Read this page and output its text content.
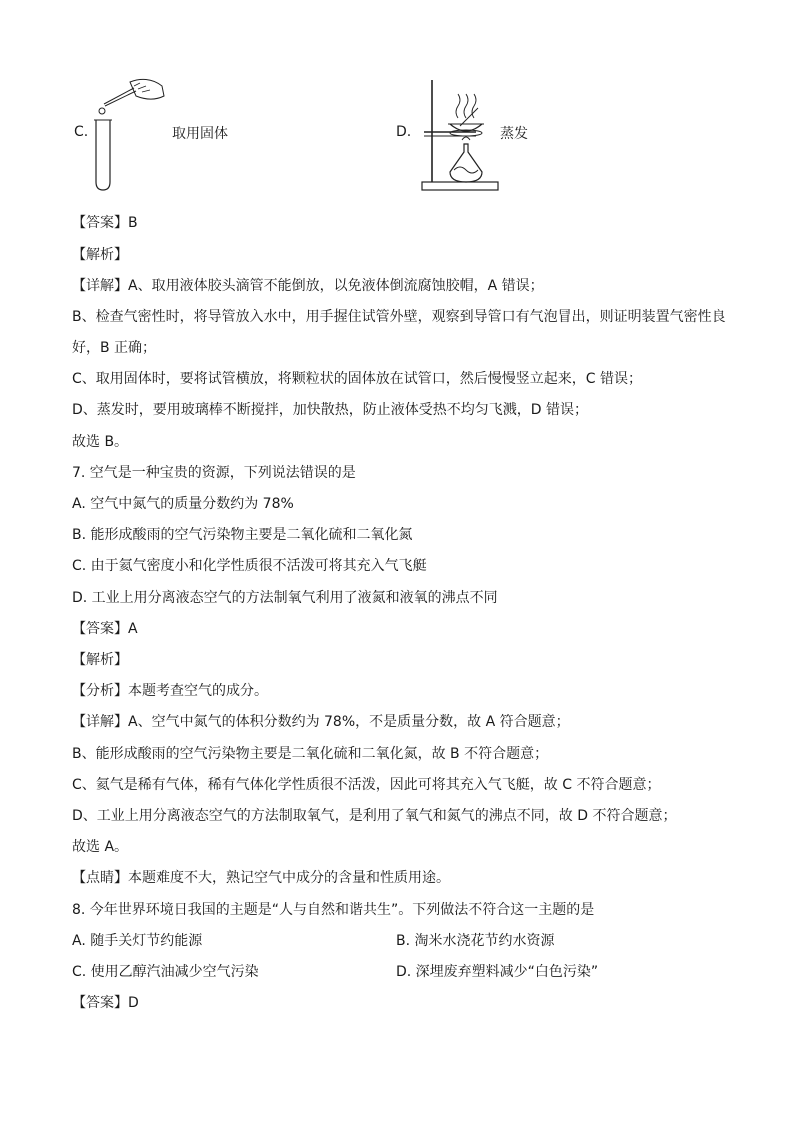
C.	取用固体	D.	蒸发
【答案】B
【解析】
【详解】A、取用液体胶头滴管不能倒放，以免液体倒流腐蚀胶帽，A 错误；
B、检查气密性时，将导管放入水中，用手握住试管外壁，观察到导管口有气泡冒出，则证明装置气密性良
好，B 正确；
C、取用固体时，要将试管横放，将颗粒状的固体放在试管口，然后慢慢竖立起来，C 错误；
D、蒸发时，要用玻璃棒不断搅拌，加快散热，防止液体受热不均匀飞溅，D 错误；
故选 B。
7. 空气是一种宝贵的资源，下列说法错误的是
A. 空气中氮气的质量分数约为 78%
B. 能形成酸雨的空气污染物主要是二氧化硫和二氧化氮
C. 由于氦气密度小和化学性质很不活泼可将其充入气飞艇
D. 工业上用分离液态空气的方法制氧气利用了液氮和液氧的沸点不同
【答案】A
【解析】
【分析】本题考查空气的成分。
【详解】A、空气中氮气的体积分数约为 78%，不是质量分数，故 A 符合题意；
B、能形成酸雨的空气污染物主要是二氧化硫和二氧化氮，故 B 不符合题意；
C、氦气是稀有气体，稀有气体化学性质很不活泼，因此可将其充入气飞艇，故 C 不符合题意；
D、工业上用分离液态空气的方法制取氧气，是利用了氧气和氮气的沸点不同，故 D 不符合题意；
故选 A。
【点睛】本题难度不大，熟记空气中成分的含量和性质用途。
8. 今年世界环境日我国的主题是“人与自然和谐共生”。下列做法不符合这一主题的是
A. 随手关灯节约能源	B. 淘米水浇花节约水资源
C. 使用乙醇汽油减少空气污染	D. 深埋废弃塑料减少“白色污染”
【答案】D
